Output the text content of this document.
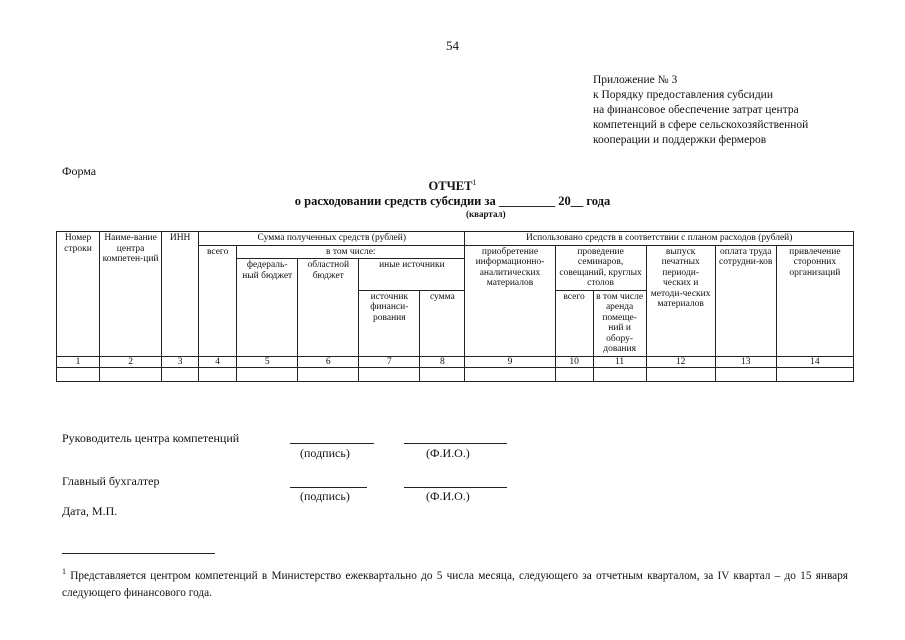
54
Приложение № 3
к Порядку предоставления субсидии
на финансовое обеспечение затрат центра
компетенций в сфере сельскохозяйственной
кооперации и поддержки фермеров
Форма
ОТЧЕТ$^1$
о расходовании средств субсидии за _________ 20__ года
(квартал)
Номер строки	Наиме-вание центра компетен-ций	ИНН	Сумма полученных средств (рублей)					Использовано средств в соответствии с планом расходов (рублей)					
			всего	в том числе:				приобретение информационно-аналитических материалов	проведение семинаров, совещаний, круглых столов		выпуск печатных периоди-ческих и методи-ческих материалов	оплата труда сотрудни-ков	привлечение сторонних организаций
				федераль-ный бюджет	областной бюджет	иные источники							
						источник финанси-рования	сумма		всего	в том числе аренда помеще-ний и обору-дования			

1	2	3	4	5	6	7	8	9	10	11	12	13	14

Руководитель центра компетенций
(подпись)	(Ф.И.О.)
Главный бухгалтер
(подпись)	(Ф.И.О.)
Дата, М.П.
$^1$ Представляется центром компетенций в Министерство ежеквартально до 5 числа месяца, следующего за отчетным кварталом, за IV квартал – до 15 января следующего финансового года.
